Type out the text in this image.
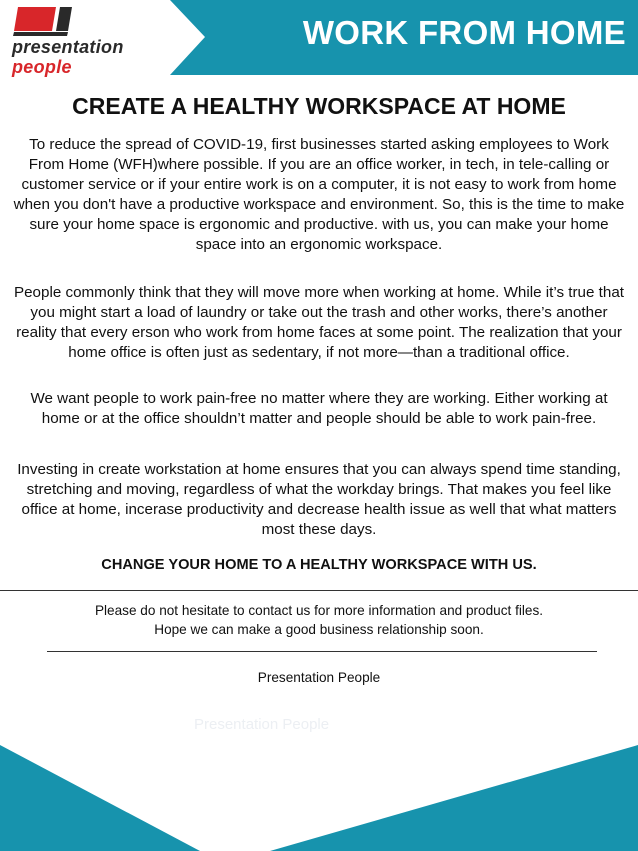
presentation
people
WORK FROM HOME
CREATE A HEALTHY WORKSPACE AT HOME

To reduce the spread of COVID-19, first businesses started asking employees to Work From Home (WFH)where possible. If you are an office worker, in tech, in tele-calling or customer service or if your entire work is on a computer, it is not easy to work from home when you don't have a productive workspace and environment. So, this is the time to make sure your home space is ergonomic and productive. with us, you can make your home space into an ergonomic workspace.

People commonly think that they will move more when working at home. While it’s true that you might start a load of laundry or take out the trash and other works, there’s another reality that every erson who work from home faces at some point. The realization that your home office is often just as sedentary, if not more—than a traditional office.

We want people to work pain-free no matter where they are working. Either working at home or at the office shouldn’t matter and people should be able to work pain-free.

Investing in create workstation at home ensures that you can always spend time standing, stretching and moving, regardless of what the workday brings. That makes you feel like office at home, incerase productivity and decrease health issue as well that what matters most these days.

CHANGE YOUR HOME TO A HEALTHY WORKSPACE WITH US.
Please do not hesitate to contact us for more information and product files.
Hope we can make a good business relationship soon.
Presentation People
Presentation People
